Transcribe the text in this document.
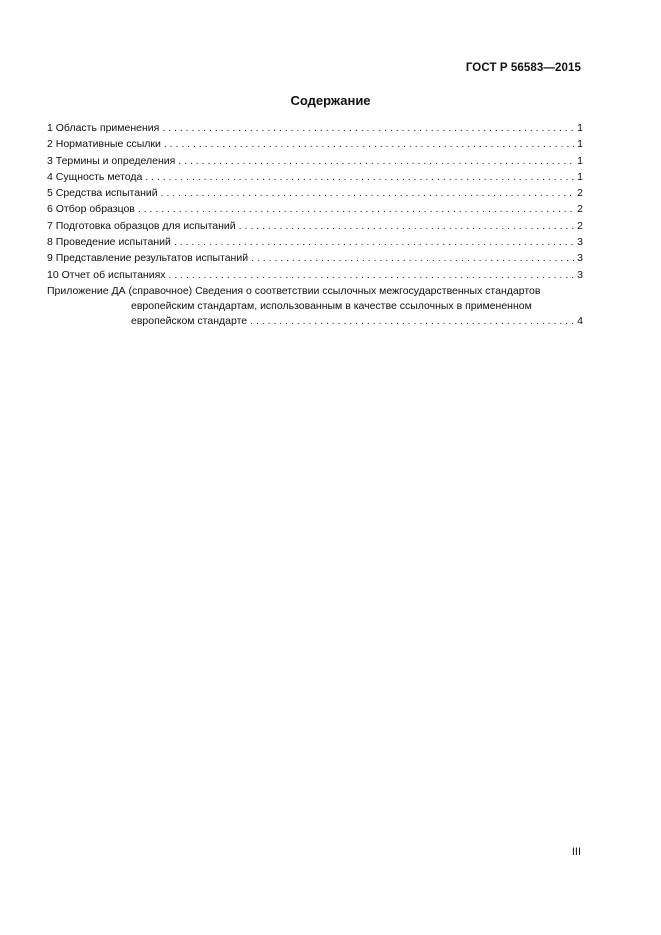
ГОСТ Р 56583—2015
Содержание
1 Область применения . . .	1
2 Нормативные ссылки . . .	1
3 Термины и определения . . .	1
4 Сущность метода . . .	1
5 Средства испытаний . . .	2
6 Отбор образцов . . .	2
7 Подготовка образцов для испытаний . . .	2
8 Проведение испытаний . . .	3
9 Представление результатов испытаний . . .	3
10 Отчет об испытаниях . . .	3
Приложение ДА (справочное) Сведения о соответствии ссылочных межгосударственных стандартов
европейским стандартам, использованным в качестве ссылочных в примененном
европейском стандарте . . .	4
III
